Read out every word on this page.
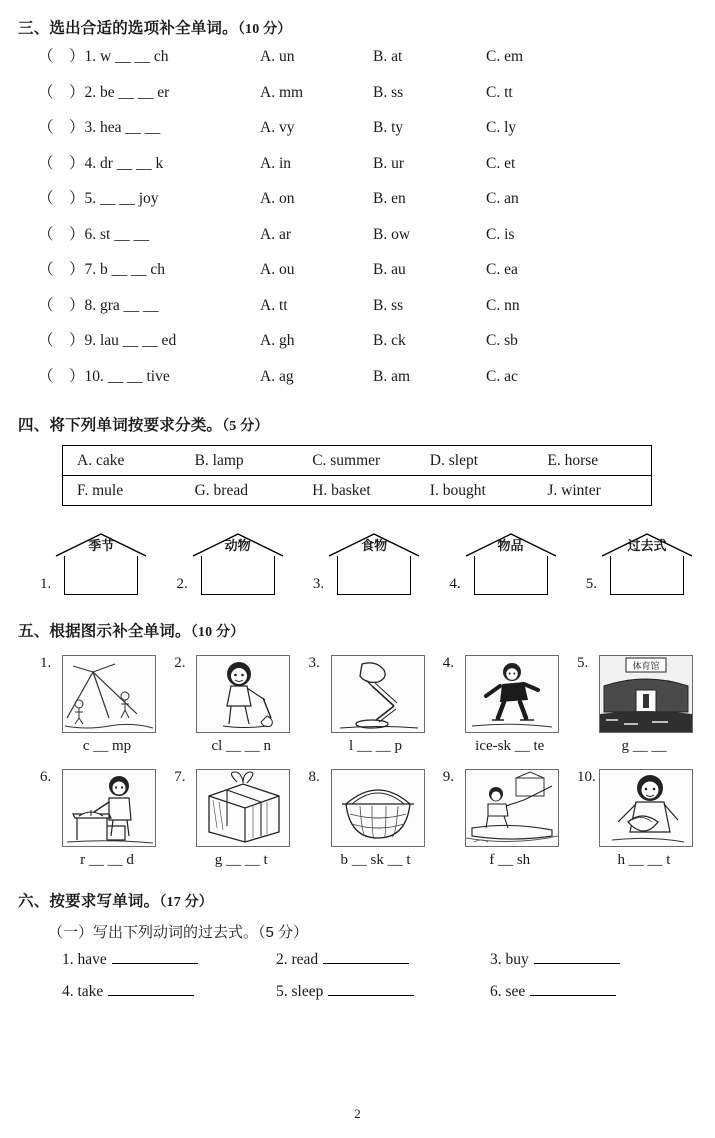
三、选出合适的选项补全单词。（10 分）
（    ）1. w __ __ ch	A. un	B. at	C. em
（    ）2. be __ __ er	A. mm	B. ss	C. tt
（    ）3. hea __ __	A. vy	B. ty	C. ly
（    ）4. dr __ __ k	A. in	B. ur	C. et
（    ）5. __ __ joy	A. on	B. en	C. an
（    ）6. st __ __	A. ar	B. ow	C. is
（    ）7. b __ __ ch	A. ou	B. au	C. ea
（    ）8. gra __ __	A. tt	B. ss	C. nn
（    ）9. lau __ __ ed	A. gh	B. ck	C. sb
（    ）10. __ __ tive	A. ag	B. am	C. ac
四、将下列单词按要求分类。（5 分）
A. cake	B. lamp	C. summer	D. slept	E. horse
F. mule	G. bread	H. basket	I. bought	J. winter
1.
季节
2.
动物
3.
食物
4.
物品
5.
过去式
五、根据图示补全单词。（10 分）
1.
c __ mp
2.
cl __ __ n
3.
l __ __ p
4.
ice-sk __ te
5.	体育馆
g __ __
6.
r __ __ d
7.
g __ __ t
8.
b __ sk __ t
9.
f __ sh
10.
h __ __ t
六、按要求写单词。（17 分）
（一）写出下列动词的过去式。（5 分）
1. have	2. read	3. buy
4. take	5. sleep	6. see
2
